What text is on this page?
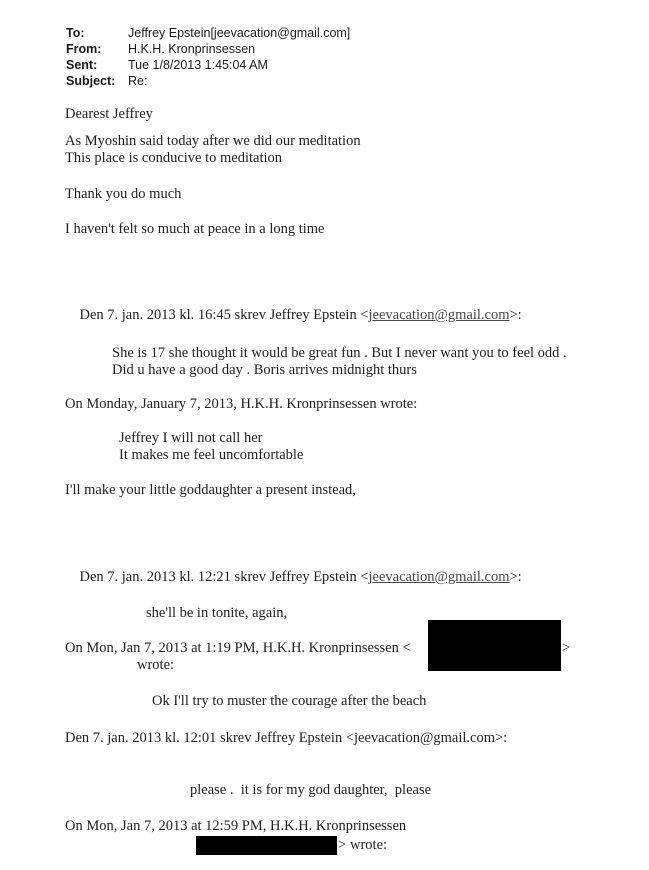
To:	Jeffrey Epstein[jeevacation@gmail.com]
From:	H.K.H. Kronprinsessen
Sent:	Tue 1/8/2013 1:45:04 AM
Subject:	Re:
Dearest Jeffrey
As Myoshin said today after we did our meditation
This place is conducive to meditation
Thank you do much
I haven't felt so much at peace in a long time

Den 7. jan. 2013 kl. 16:45 skrev Jeffrey Epstein <jeevacation@gmail.com>:

She is 17 she thought it would be great fun . But I never want you to feel odd .
Did u have a good day . Boris arrives midnight thurs
On Monday, January 7, 2013, H.K.H. Kronprinsessen wrote:
Jeffrey I will not call her
It makes me feel uncomfortable
I'll make your little goddaughter a present instead,

Den 7. jan. 2013 kl. 12:21 skrev Jeffrey Epstein <jeevacation@gmail.com>:

she'll be in tonite, again,
On Mon, Jan 7, 2013 at 1:19 PM, H.K.H. Kronprinsessen <	>
wrote:
Ok I'll try to muster the courage after the beach
Den 7. jan. 2013 kl. 12:01 skrev Jeffrey Epstein <jeevacation@gmail.com>:
please .  it is for my god daughter,  please
On Mon, Jan 7, 2013 at 12:59 PM, H.K.H. Kronprinsessen
> wrote:
